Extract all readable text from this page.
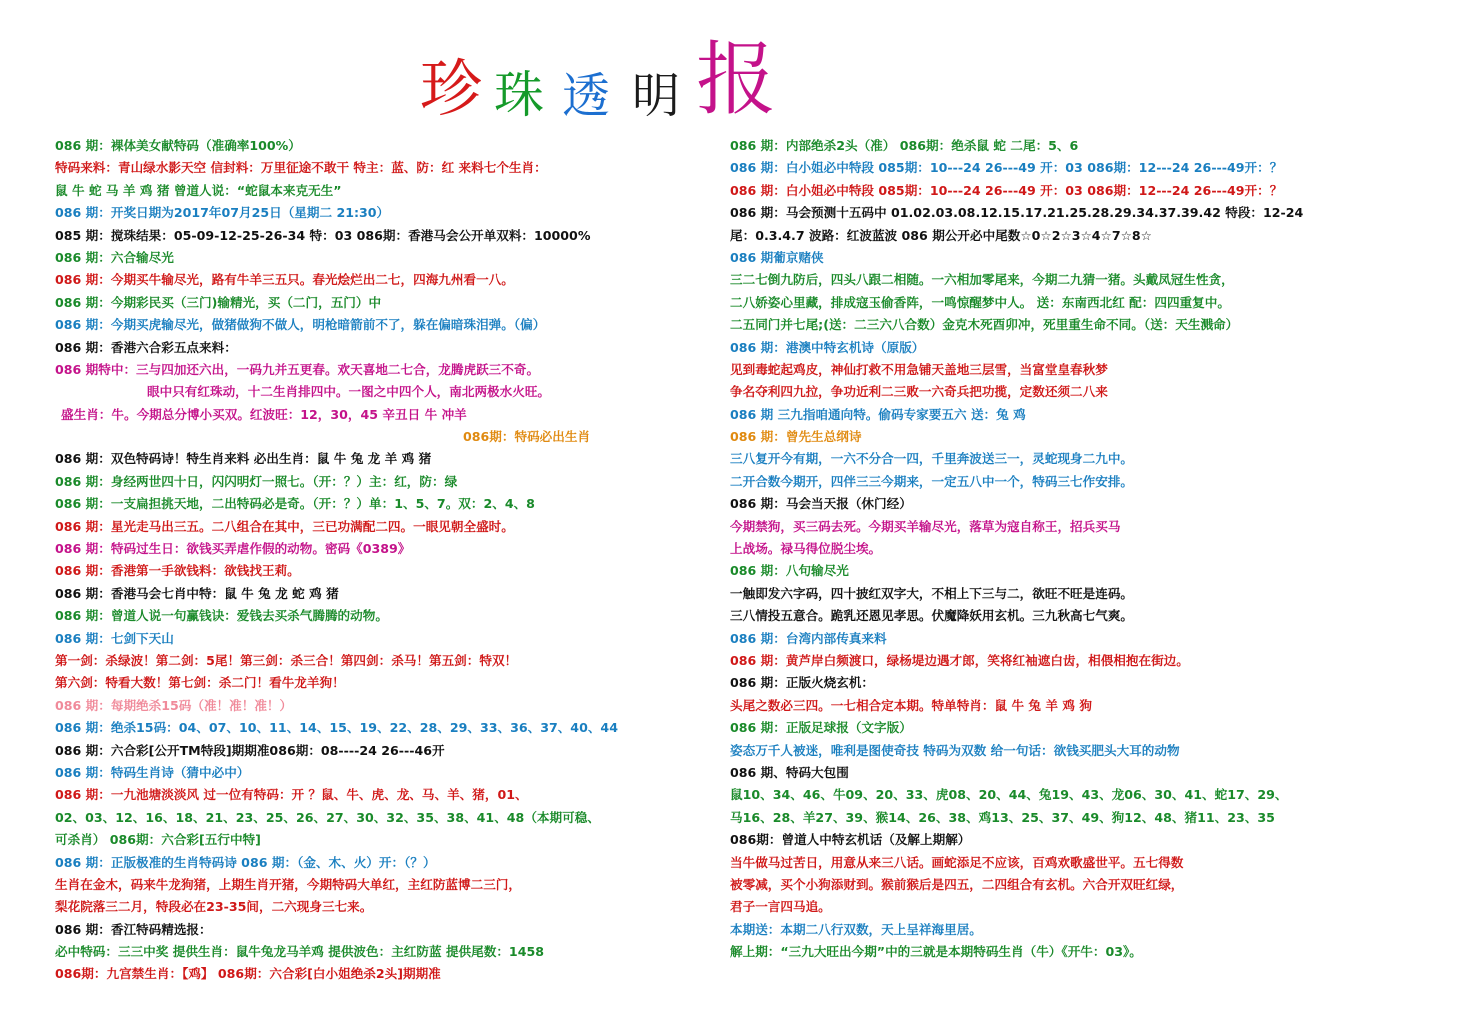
珍 珠 透 明 报
086 期：裸体美女献特码（准确率100%）
特码来料：青山绿水影天空 信封料：万里征途不敢干 特主：蓝、防：红 来料七个生肖：
鼠 牛 蛇 马 羊 鸡 猪 曾道人说：“蛇鼠本来克无生”
086 期：开奖日期为2017年07月25日（星期二 21:30）
085 期：搅珠结果：05-09-12-25-26-34 特：03 086期：香港马会公开单双料：10000%
086 期：六合输尽光
086 期：今期买牛输尽光，路有牛羊三五只。春光烩烂出二七，四海九州看一八。
086 期：今期彩民买（三门)输精光，买（二门，五门）中
086 期：今期买虎输尽光，做猪做狗不做人，明枪暗箭前不了，躲在偏暗珠泪弹。（偏）
086 期：香港六合彩五点来料：
086 期特中：三与四加还六出，一码九并五更春。欢天喜地二七合，龙腾虎跃三不奇。
眼中只有红珠动，十二生肖排四中。一图之中四个人，南北两极水火旺。
盛生肖：牛。今期总分博小买双。红波旺：12，30，45 辛丑日 牛 冲羊
086期：特码必出生肖
086 期：双色特码诗！特生肖来料 必出生肖：鼠 牛 兔 龙 羊 鸡 猪
086 期：身经两世四十日，闪闪明灯一照七。（开：？）主：红，防：绿
086 期：一支扁担挑天地，二出特码必是奇。（开：？）单：1、5、7。双：2、4、8
086 期：星光走马出三五。二八组合在其中，三已功满配二四。一眼见朝全盛时。
086 期：特码过生日：欲钱买弄虐作假的动物。密码《0389》
086 期：香港第一手欲钱料：欲钱找王莉。
086 期：香港马会七肖中特：鼠 牛 兔 龙 蛇 鸡 猪
086 期：曾道人说一句赢钱诀：爱钱去买杀气腾腾的动物。
086 期：七剑下天山
第一剑：杀绿波！第二剑：5尾！第三剑：杀三合！第四剑：杀马！第五剑：特双！
第六剑：特看大数！第七剑：杀二门！看牛龙羊狗！
086 期：每期绝杀15码（准！准！准！）
086 期：绝杀15码：04、07、10、11、14、15、19、22、28、29、33、36、37、40、44
086 期：六合彩[公开TM特段]期期准086期：08----24 26---46开
086 期：特码生肖诗（猜中必中）
086 期：一九池塘淡淡风 过一位有特码：开 ？鼠、牛、虎、龙、马、羊、猪，01、
02、03、12、16、18、21、23、25、26、27、30、32、35、38、41、48（本期可稳、
可杀肖） 086期：六合彩[五行中特]
086 期：正版极准的生肖特码诗 086 期：（金、木、火）开：（？）
生肖在金木，码来牛龙狗猪，上期生肖开猪，今期特码大单红，主红防蓝博二三门，
梨花院落三二月，特段必在23-35间，二六现身三七来。
086 期：香江特码精选报：
必中特码：三三中奖 提供生肖：鼠牛兔龙马羊鸡 提供波色：主红防蓝 提供尾数：1458
086期：九宫禁生肖：【鸡】 086期：六合彩[白小姐绝杀2头]期期准
086 期：内部绝杀2头（准） 086期：绝杀鼠 蛇 二尾：5、6
086 期：白小姐必中特段 085期：10---24 26---49 开：03 086期：12---24 26---49开：？
086 期：白小姐必中特段 085期：10---24 26---49 开：03 086期：12---24 26---49开：？
086 期：马会预测十五码中 01.02.03.08.12.15.17.21.25.28.29.34.37.39.42 特段：12-24
尾：0.3.4.7 波路：红波蓝波 086 期公开必中尾数☆0☆2☆3☆4☆7☆8☆
086 期葡京赌侠
三二七倒九防后，四头八跟二相随。一六相加零尾来，今期二九猜一猪。头戴凤冠生性贪，
二八娇姿心里藏，排成寇玉偷香阵，一鸣惊醒梦中人。 送：东南西北红 配：四四重复中。
二五同门并七尾;(送：二三六八合数）金克木死酉卯冲，死里重生命不同。（送：天生溅命）
086 期：港澳中特玄机诗（原版）
见到毒蛇起鸡皮，神仙打救不用急铺天盖地三层雪，当富堂皇春秋梦
争名夺利四九拉，争功近利二三败一六奇兵把功揽，定数还须二八来
086 期 三九指咱通向特。偷码专家要五六 送：兔 鸡
086 期：曾先生总纲诗
三八复开今有期，一六不分合一四，千里奔波送三一，灵蛇现身二九中。
二开合数今期开，四伴三三今期来，一定五八中一个，特码三七作安排。
086 期：马会当天报（休门经）
今期禁狗，买三码去死。今期买羊输尽光，落草为寇自称王，招兵买马
上战场。禄马得位脱尘埃。
086 期：八句输尽光
一触即发六字码，四十披红双字大，不相上下三与二，欲旺不旺是连码。
三八情投五意合。跪乳还恩见孝思。伏魔降妖用玄机。三九秋高七气爽。
086 期：台湾内部传真来料
086 期：黄芦岸白频渡口，绿杨堤边遇才郎，笑将红袖遮白齿，相偎相抱在街边。
086 期：正版火烧玄机：
头尾之数必三四。一七相合定本期。特单特肖：鼠 牛 兔 羊 鸡 狗
086 期：正版足球报（文字版）
姿态万千人被迷，唯利是图使奇技 特码为双数 给一句话：欲钱买肥头大耳的动物
086 期、特码大包围
鼠10、34、46、牛09、20、33、虎08、20、44、兔19、43、龙06、30、41、蛇17、29、
马16、28、羊27、39、猴14、26、38、鸡13、25、37、49、狗12、48、猪11、23、35
086期：曾道人中特玄机话（及解上期解）
当牛做马过苦日，用意从来三八话。画蛇添足不应该，百鸡欢歌盛世平。五七得数
被零减，买个小狗添财到。猴前猴后是四五，二四组合有玄机。六合开双旺红绿，
君子一言四马追。
本期送：本期二八行双数，天上呈祥海里居。
解上期：“三九大旺出今期”中的三就是本期特码生肖（牛）《开牛：03》。
